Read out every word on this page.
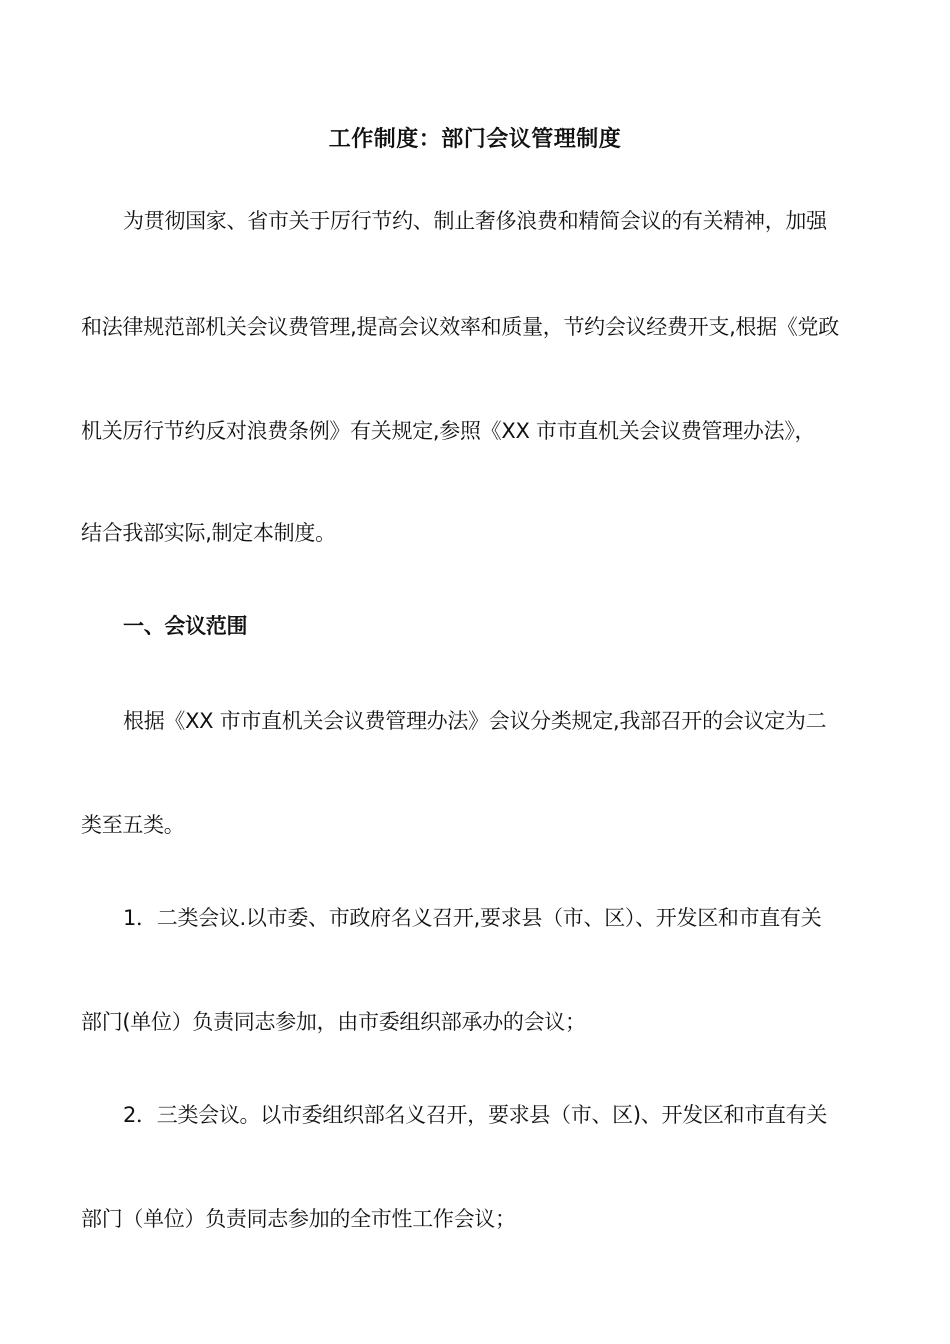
工作制度：部门会议管理制度
为贯彻国家、省市关于厉行节约、制止奢侈浪费和精简会议的有关精神，加强
和法律规范部机关会议费管理,提高会议效率和质量，节约会议经费开支,根据《党政
机关厉行节约反对浪费条例》有关规定,参照《XX 市市直机关会议费管理办法》，
结合我部实际,制定本制度。
一、会议范围
根据《XX 市市直机关会议费管理办法》会议分类规定,我部召开的会议定为二
类至五类。
1．二类会议.以市委、市政府名义召开,要求县（市、区）、开发区和市直有关
部门(单位）负责同志参加，由市委组织部承办的会议；
2．三类会议。以市委组织部名义召开，要求县（市、区)、开发区和市直有关
部门（单位）负责同志参加的全市性工作会议；
